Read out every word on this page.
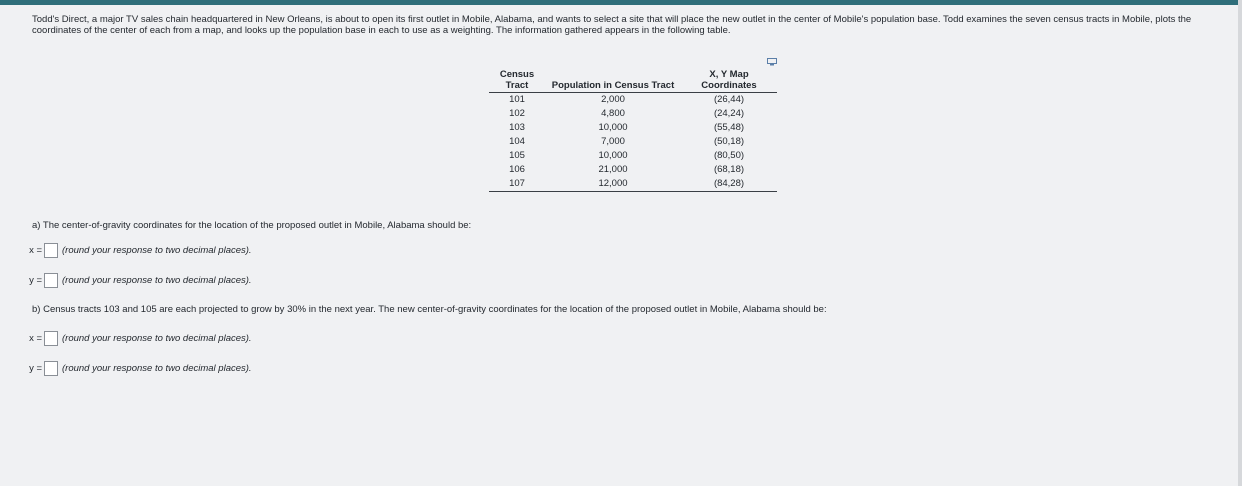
Todd's Direct, a major TV sales chain headquartered in New Orleans, is about to open its first outlet in Mobile, Alabama, and wants to select a site that will place the new outlet in the center of Mobile's population base. Todd examines the seven census tracts in Mobile, plots the coordinates of the center of each from a map, and looks up the population base in each to use as a weighting. The information gathered appears in the following table.
Census Tract	Population in Census Tract	X, Y Map Coordinates
101	2,000	(26,44)
102	4,800	(24,24)
103	10,000	(55,48)
104	7,000	(50,18)
105	10,000	(80,50)
106	21,000	(68,18)
107	12,000	(84,28)
a) The center-of-gravity coordinates for the location of the proposed outlet in Mobile, Alabama should be:
x = (round your response to two decimal places).
y = (round your response to two decimal places).
b) Census tracts 103 and 105 are each projected to grow by 30% in the next year. The new center-of-gravity coordinates for the location of the proposed outlet in Mobile, Alabama should be:
x = (round your response to two decimal places).
y = (round your response to two decimal places).
